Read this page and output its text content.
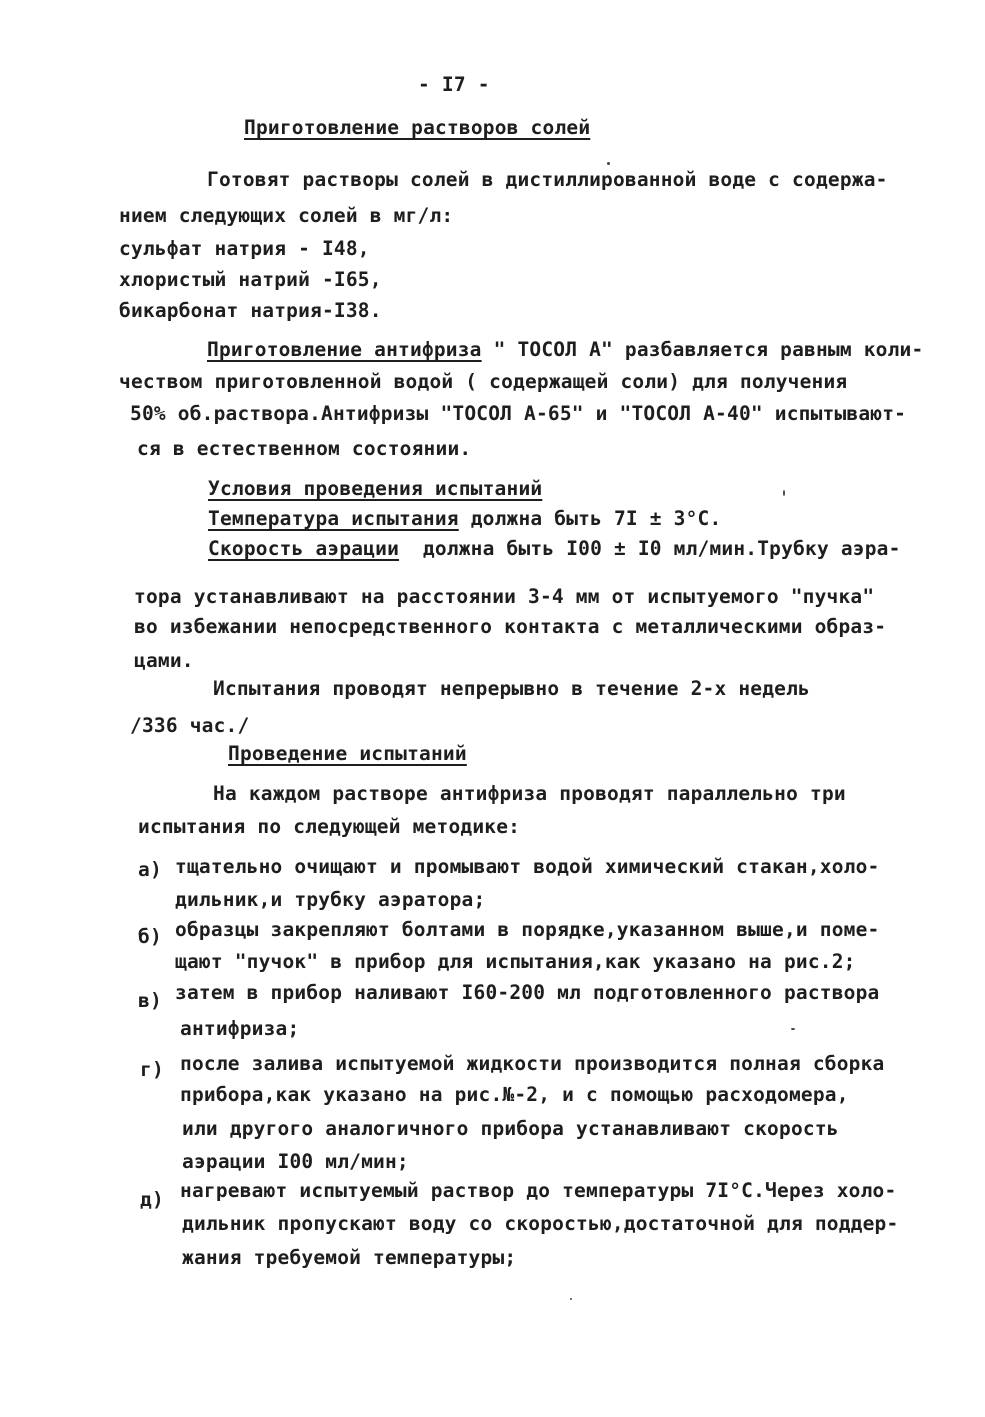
- I7 -
Приготовление растворов солей
Готовят растворы солей в дистиллированной воде с содержа-
нием следующих солей в мг/л:
сульфат натрия - I48,
хлористый натрий -I65,
бикарбонат натрия-I38.
Приготовление антифриза " ТОСОЛ А" разбавляется равным коли-
чеством приготовленной водой ( содержащей соли) для получения
50% об.раствора.Антифризы "ТОСОЛ А-65" и "ТОСОЛ А-40" испытывают-
ся в естественном состоянии.
Условия проведения испытаний
Температура испытания должна быть 7I ± 3°С.
Скорость аэрации  должна быть I00 ± I0 мл/мин.Трубку аэра-
тора устанавливают на расстоянии 3-4 мм от испытуемого "пучка"
во избежании непосредственного контакта с металлическими образ-
цами.
Испытания проводят непрерывно в течение 2-х недель
/336 час./
Проведение испытаний
На каждом растворе антифриза проводят параллельно три
испытания по следующей методике:
а) тщательно очищают и промывают водой химический стакан,холо-
дильник,и трубку аэратора;
б) образцы закрепляют болтами в порядке,указанном выше,и поме-
щают "пучок" в прибор для испытания,как указано на рис.2;
в) затем в прибор наливают I60-200 мл подготовленного раствора
антифриза;
г) после залива испытуемой жидкости производится полная сборка
прибора,как указано на рис.№-2, и с помощью расходомера,
или другого аналогичного прибора устанавливают скорость
аэрации I00 мл/мин;
д) нагревают испытуемый раствор до температуры 7I°С.Через холо-
дильник пропускают воду со скоростью,достаточной для поддер-
жания требуемой температуры;
